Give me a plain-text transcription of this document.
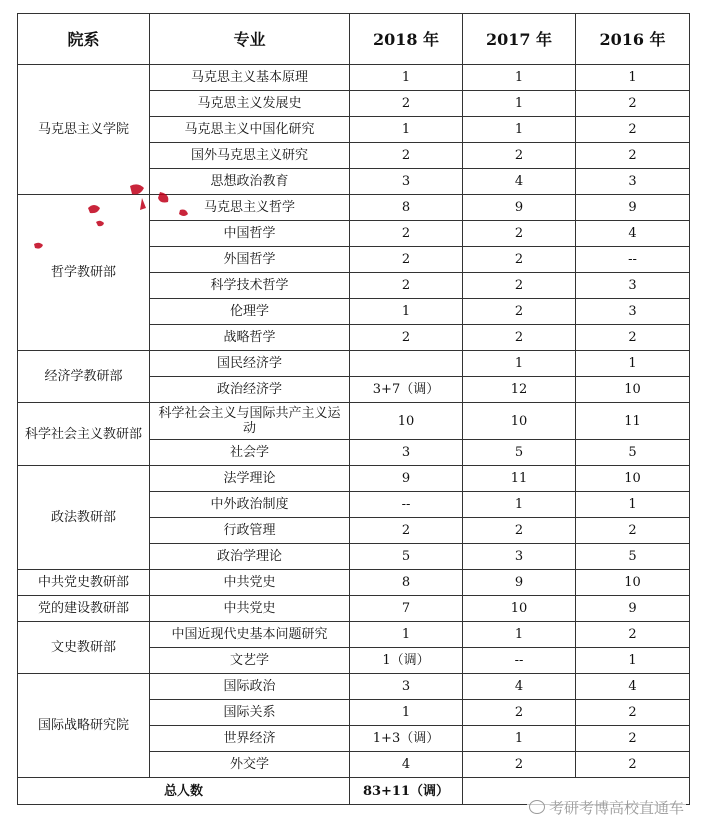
院系	专业	2018 年	2017 年	2016 年
马克思主义学院	马克思主义基本原理	1	1	1
	马克思主义发展史	2	1	2
	马克思主义中国化研究	1	1	2
	国外马克思主义研究	2	2	2
	思想政治教育	3	4	3
哲学教研部	马克思主义哲学	8	9	9
	中国哲学	2	2	4
	外国哲学	2	2	--
	科学技术哲学	2	2	3
	伦理学	1	2	3
	战略哲学	2	2	2
经济学教研部	国民经济学		1	1
	政治经济学	3+7（调）	12	10
科学社会主义教研部	科学社会主义与国际共产主义运动	10	10	11
	社会学	3	5	5
政法教研部	法学理论	9	11	10
	中外政治制度	--	1	1
	行政管理	2	2	2
	政治学理论	5	3	5
中共党史教研部	中共党史	8	9	10
党的建设教研部	中共党史	7	10	9
文史教研部	中国近现代史基本问题研究	1	1	2
	文艺学	1（调）	--	1
国际战略研究院	国际政治	3	4	4
	国际关系	1	2	2
	世界经济	1+3（调）	1	2
	外交学	4	2	2
总人数		83+11（调）		
考研考博高校直通车
